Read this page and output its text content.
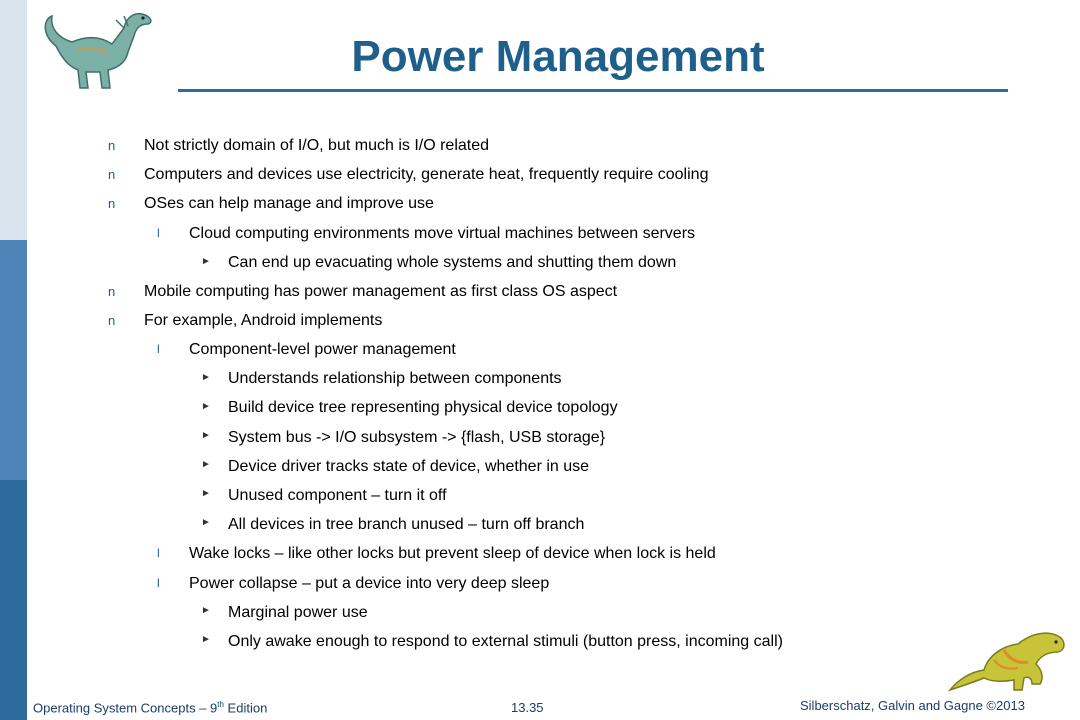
Power Management
n Not strictly domain of I/O, but much is I/O related
n Computers and devices use electricity, generate heat, frequently require cooling
n OSes can help manage and improve use
l Cloud computing environments move virtual machines between servers
► Can end up evacuating whole systems and shutting them down
n Mobile computing has power management as first class OS aspect
n For example, Android implements
l Component-level power management
► Understands relationship between components
► Build device tree representing physical device topology
► System bus -> I/O subsystem -> {flash, USB storage}
► Device driver tracks state of device, whether in use
► Unused component – turn it off
► All devices in tree branch unused – turn off branch
l Wake locks – like other locks but prevent sleep of device when lock is held
l Power collapse – put a device into very deep sleep
► Marginal power use
► Only awake enough to respond to external stimuli (button press, incoming call)
Operating System Concepts – 9th Edition	13.35	Silberschatz, Galvin and Gagne ©2013
